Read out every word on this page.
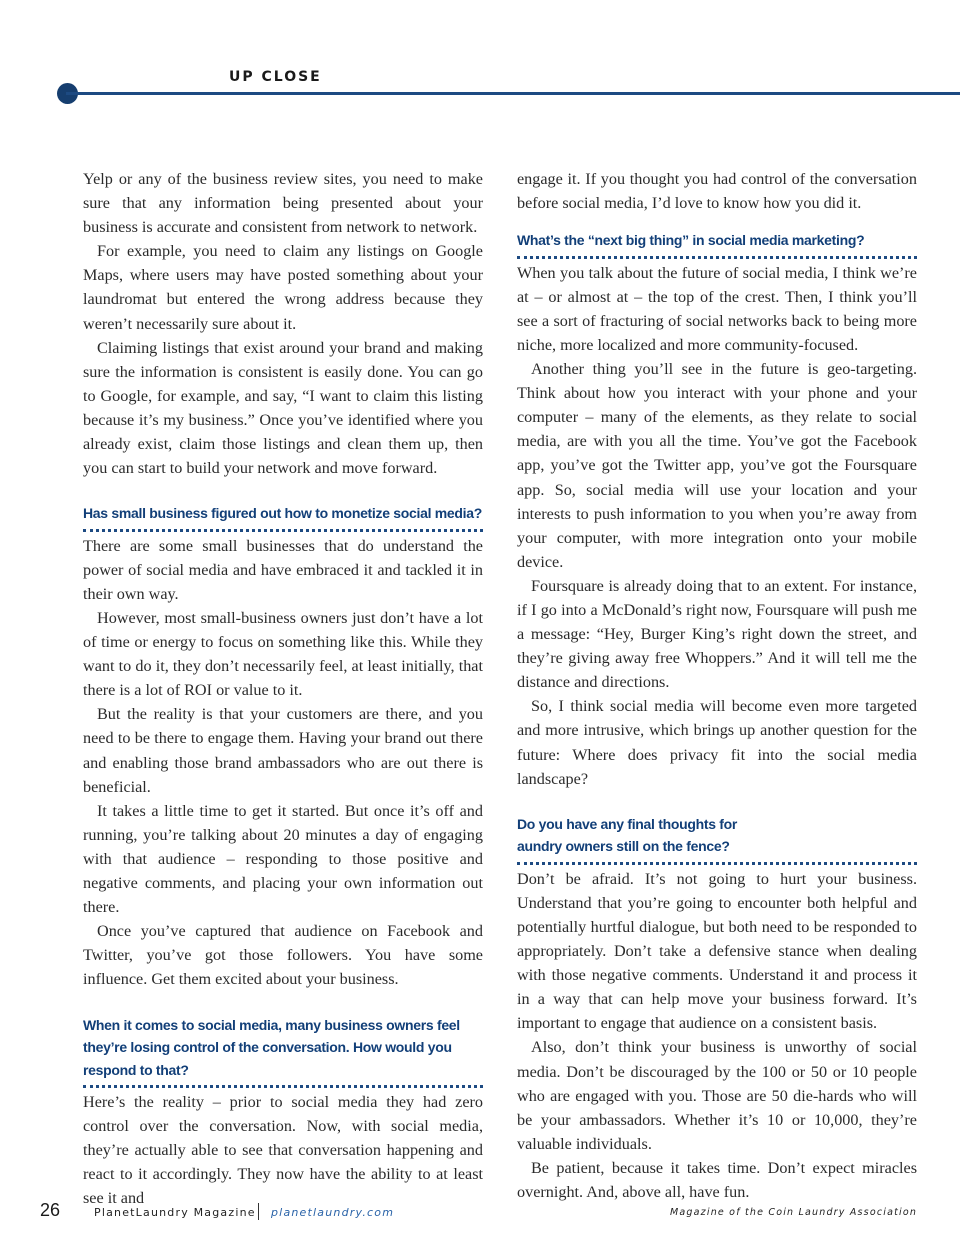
UP CLOSE

Yelp or any of the business review sites, you need to make sure that any information being presented about your business is accurate and consistent from network to network.

For example, you need to claim any listings on Google Maps, where users may have posted something about your laundromat but entered the wrong address because they weren’t necessarily sure about it.

Claiming listings that exist around your brand and making sure the information is consistent is easily done. You can go to Google, for example, and say, “I want to claim this listing because it’s my business.” Once you’ve identified where you already exist, claim those listings and clean them up, then you can start to build your network and move forward.

Has small business figured out how to monetize social media?

There are some small businesses that do understand the power of social media and have embraced it and tackled it in their own way.

However, most small-business owners just don’t have a lot of time or energy to focus on something like this. While they want to do it, they don’t necessarily feel, at least initially, that there is a lot of ROI or value to it.

But the reality is that your customers are there, and you need to be there to engage them. Having your brand out there and enabling those brand ambassadors who are out there is beneficial.

It takes a little time to get it started. But once it’s off and running, you’re talking about 20 minutes a day of engaging with that audience – responding to those positive and negative comments, and placing your own information out there.

Once you’ve captured that audience on Facebook and Twitter, you’ve got those followers. You have some influence. Get them excited about your business.

When it comes to social media, many business owners feel they’re losing control of the conversation. How would you respond to that?

Here’s the reality – prior to social media they had zero control over the conversation. Now, with social media, they’re actually able to see that conversation happening and react to it accordingly. They now have the ability to at least see it and

engage it. If you thought you had control of the conversation before social media, I’d love to know how you did it.

What’s the “next big thing” in social media marketing?

When you talk about the future of social media, I think we’re at – or almost at – the top of the crest. Then, I think you’ll see a sort of fracturing of social networks back to being more niche, more localized and more community-focused.

Another thing you’ll see in the future is geo-targeting. Think about how you interact with your phone and your computer – many of the elements, as they relate to social media, are with you all the time. You’ve got the Facebook app, you’ve got the Twitter app, you’ve got the Foursquare app. So, social media will use your location and your interests to push information to you when you’re away from your computer, with more integration onto your mobile device.

Foursquare is already doing that to an extent. For instance, if I go into a McDonald’s right now, Foursquare will push me a message: “Hey, Burger King’s right down the street, and they’re giving away free Whoppers.” And it will tell me the distance and directions.

So, I think social media will become even more targeted and more intrusive, which brings up another question for the future: Where does privacy fit into the social media landscape?

Do you have any final thoughts for
aundry owners still on the fence?

Don’t be afraid. It’s not going to hurt your business. Understand that you’re going to encounter both helpful and potentially hurtful dialogue, but both need to be responded to appropriately. Don’t take a defensive stance when dealing with those negative comments. Understand it and process it in a way that can help move your business forward. It’s important to engage that audience on a consistent basis.

Also, don’t think your business is unworthy of social media. Don’t be discouraged by the 100 or 50 or 10 people who are engaged with you. Those are 50 die-hards who will be your ambassadors. Whether it’s 10 or 10,000, they’re valuable individuals.

Be patient, because it takes time. Don’t expect miracles overnight. And, above all, have fun.

26	PlanetLaundry Magazine planetlaundry.com	Magazine of the Coin Laundry Association
